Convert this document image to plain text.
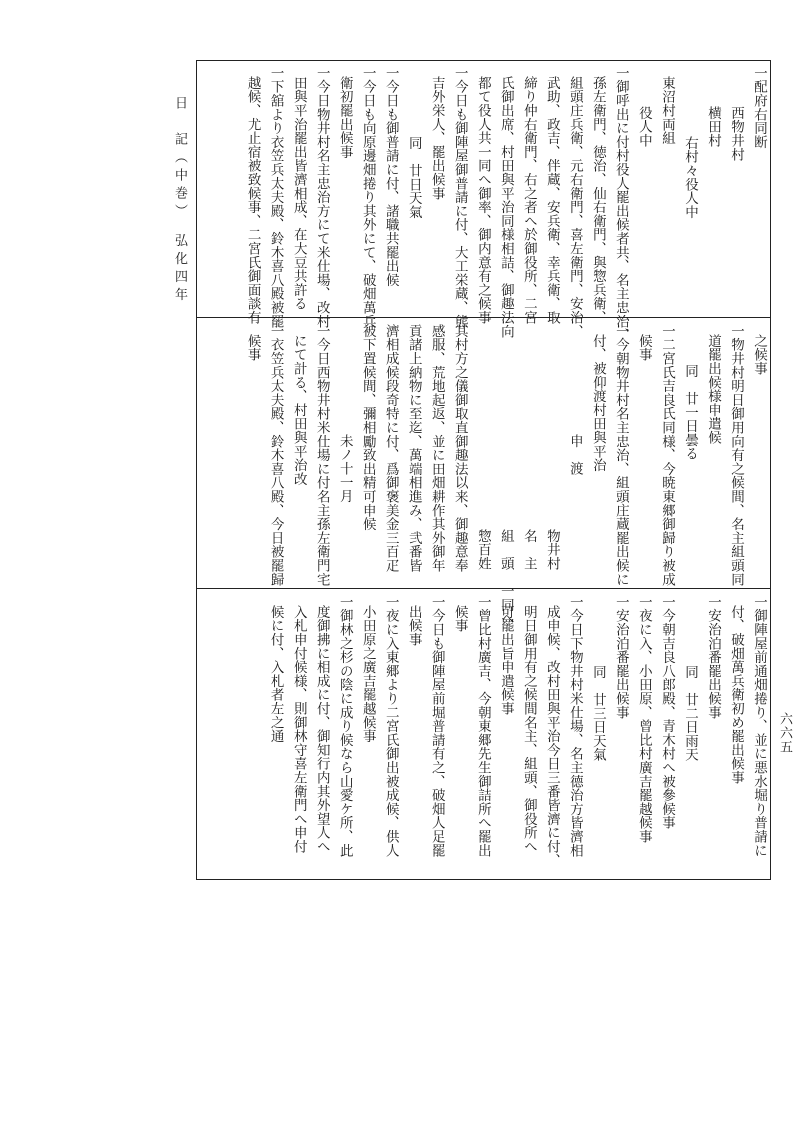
日　記（中巻）　弘化四年
六六五
一配府右同断
西物井村
横田村
右村々役人中
東沼村両組
役人中
一御呼出に付村役人罷出候者共、名主忠治、
孫左衛門、徳治、仙右衛門、與惣兵衛、
組頭庄兵衛、元右衛門、喜左衛門、安治、
武助、政吉、伴蔵、安兵衛、幸兵衛、取
締り仲右衛門、右之者へ於御役所、二宮
氏御出席、村田與平治同様相詰、御趣法向
都て役人共一同へ御率、御内意有之候事
一今日も御陣屋御普請に付、大工栄蔵、熊
吉外栄人、罷出候事
同　廿日天氣
一今日も御普請に付、諸職共罷出候
一今日も向原邊畑捲り其外にて、破畑萬兵
衛初罷出候事
一今日物井村名主忠治方にて米仕場、改村
田與平治罷出皆濟相成、在大豆共許る
一下舘より衣笠兵太夫殿、鈴木喜八殿被罷
越候、尤止宿被致候事、二宮氏御面談有
之候事
一物井村明日御用向有之候間、名主組頭同
道罷出候様申遣候
同　廿一日曇る
一二宮氏吉良氏同様、今暁東郷御歸り被成
候事
一今朝物井村名主忠治、組頭庄蔵罷出候に
付、被仰渡村田與平治
申　渡
物井村
名　主
組　頭　一同へ
惣百姓
其村方之儀御取直御趣法以来、御趣意奉
感服、荒地起返、並に田畑耕作其外御年
貢諸上納物に至迄、萬端相進み、弐番皆
濟相成候段奇特に付、爲御褒美金三百疋
被下置候間、彌相勵致出精可申候
未ノ十一月
一今日西物井村米仕場に付名主孫左衛門宅
にて計る、村田與平治改
一衣笠兵太夫殿、鈴木喜八殿、今日被罷歸
候事
一御陣屋前通畑捲り、並に悪水堀り普請に
付、破畑萬兵衛初め罷出候事
一安治泊番罷出候事
同　廿二日雨天
一今朝吉良八郎殿、青木村へ被參候事
一夜に入、小田原、曾比村廣吉罷越候事
一安治泊番罷出候事
同　廿三日天氣
一今日下物井村米仕場、名主德治方皆濟相
成申候、改村田與平治今日三番皆濟に付、
明日御用有之候間名主、組頭、御役所へ
可罷出旨申遣候事
一曾比村廣吉、今朝東郷先生御詰所へ罷出
候事
一今日も御陣屋前堀普請有之、破畑人足罷
出候事
一夜に入東郷より二宮氏御出被成候、供人
小田原之廣吉罷越候事
一御林之杉の陰に成り候なら山愛ケ所、此
度御拂に相成に付、御知行内其外望人へ
入札申付候様、則御林守喜左衛門へ申付
候に付、入札者左之通
